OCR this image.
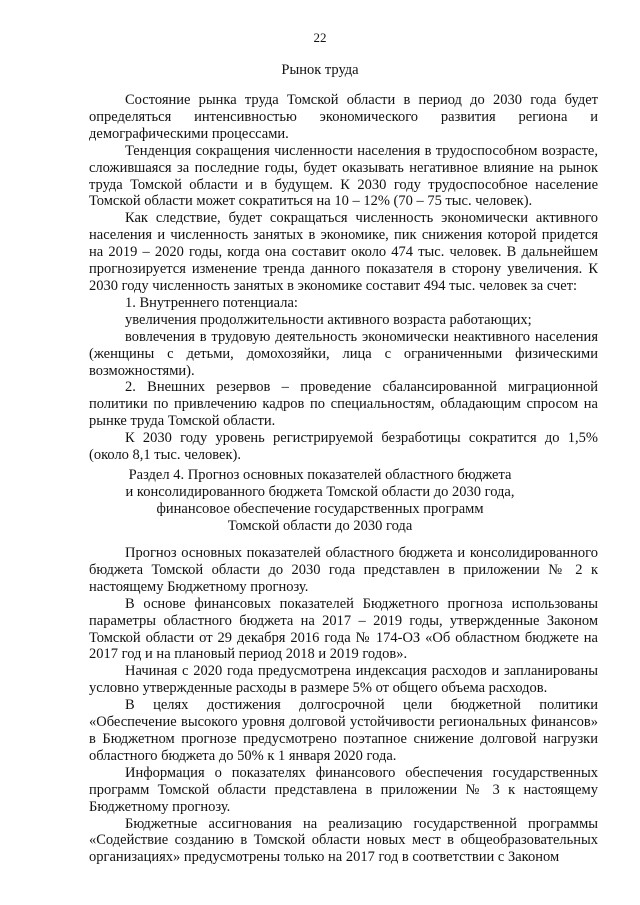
22
Рынок труда

Состояние рынка труда Томской области в период до 2030 года будет определяться интенсивностью экономического развития региона и демографическими процессами.

Тенденция сокращения численности населения в трудоспособном возрасте, сложившаяся за последние годы, будет оказывать негативное влияние на рынок труда Томской области и в будущем. К 2030 году трудоспособное население Томской области может сократиться на 10 – 12% (70 – 75 тыс. человек).

Как следствие, будет сокращаться численность экономически активного населения и численность занятых в экономике, пик снижения которой придется на 2019 – 2020 годы, когда она составит около 474 тыс. человек. В дальнейшем прогнозируется изменение тренда данного показателя в сторону увеличения. К 2030 году численность занятых в экономике составит 494 тыс. человек за счет:

1. Внутреннего потенциала:

увеличения продолжительности активного возраста работающих;

вовлечения в трудовую деятельность экономически неактивного населения (женщины с детьми, домохозяйки, лица с ограниченными физическими возможностями).

2. Внешних резервов – проведение сбалансированной миграционной политики по привлечению кадров по специальностям, обладающим спросом на рынке труда Томской области.

К 2030 году уровень регистрируемой безработицы сократится до 1,5% (около 8,1 тыс. человек).

Раздел 4. Прогноз основных показателей областного бюджета
и консолидированного бюджета Томской области до 2030 года,
финансовое обеспечение государственных программ
Томской области до 2030 года

Прогноз основных показателей областного бюджета и консолидированного бюджета Томской области до 2030 года представлен в приложении № 2 к настоящему Бюджетному прогнозу.

В основе финансовых показателей Бюджетного прогноза использованы параметры областного бюджета на 2017 – 2019 годы, утвержденные Законом Томской области от 29 декабря 2016 года № 174-ОЗ «Об областном бюджете на 2017 год и на плановый период 2018 и 2019 годов».

Начиная с 2020 года предусмотрена индексация расходов и запланированы условно утвержденные расходы в размере 5% от общего объема расходов.

В целях достижения долгосрочной цели бюджетной политики «Обеспечение высокого уровня долговой устойчивости региональных финансов» в Бюджетном прогнозе предусмотрено поэтапное снижение долговой нагрузки областного бюджета до 50% к 1 января 2020 года.

Информация о показателях финансового обеспечения государственных программ Томской области представлена в приложении № 3 к настоящему Бюджетному прогнозу.

Бюджетные ассигнования на реализацию государственной программы «Содействие созданию в Томской области новых мест в общеобразовательных организациях» предусмотрены только на 2017 год в соответствии с Законом
